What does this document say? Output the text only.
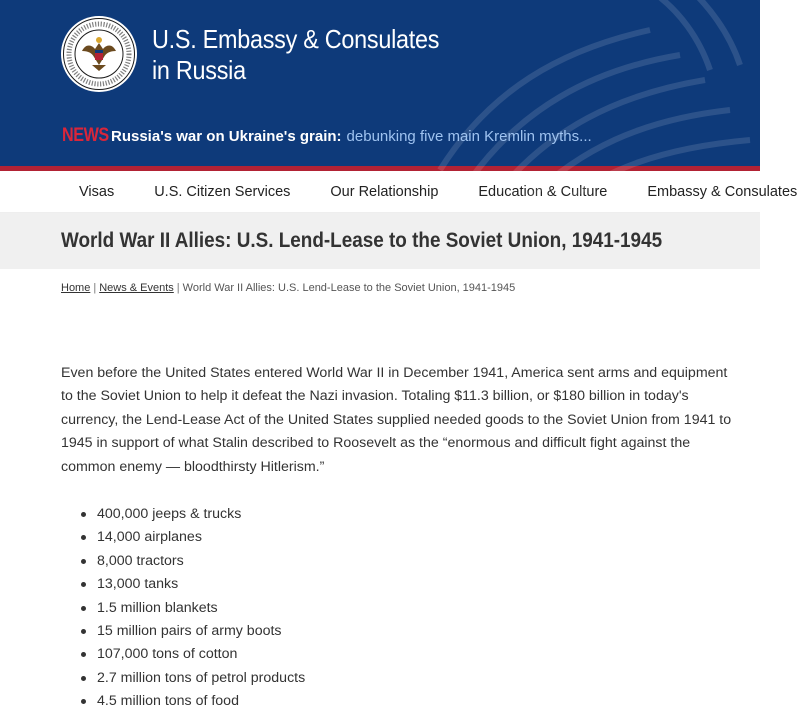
U.S. Embassy & Consulates
in Russia
NEWS Russia's war on Ukraine's grain: debunking five main Kremlin myths...
Visas	U.S. Citizen Services	Our Relationship	Education & Culture	Embassy & Consulates
World War II Allies: U.S. Lend-Lease to the Soviet Union, 1941-1945
Home | News & Events | World War II Allies: U.S. Lend-Lease to the Soviet Union, 1941-1945

Even before the United States entered World War II in December 1941, America sent arms and equipment to the Soviet Union to help it defeat the Nazi invasion. Totaling $11.3 billion, or $180 billion in today's currency, the Lend-Lease Act of the United States supplied needed goods to the Soviet Union from 1941 to 1945 in support of what Stalin described to Roosevelt as the “enormous and difficult fight against the common enemy — bloodthirsty Hitlerism.”

400,000 jeeps & trucks
14,000 airplanes
8,000 tractors
13,000 tanks
1.5 million blankets
15 million pairs of army boots
107,000 tons of cotton
2.7 million tons of petrol products
4.5 million tons of food
